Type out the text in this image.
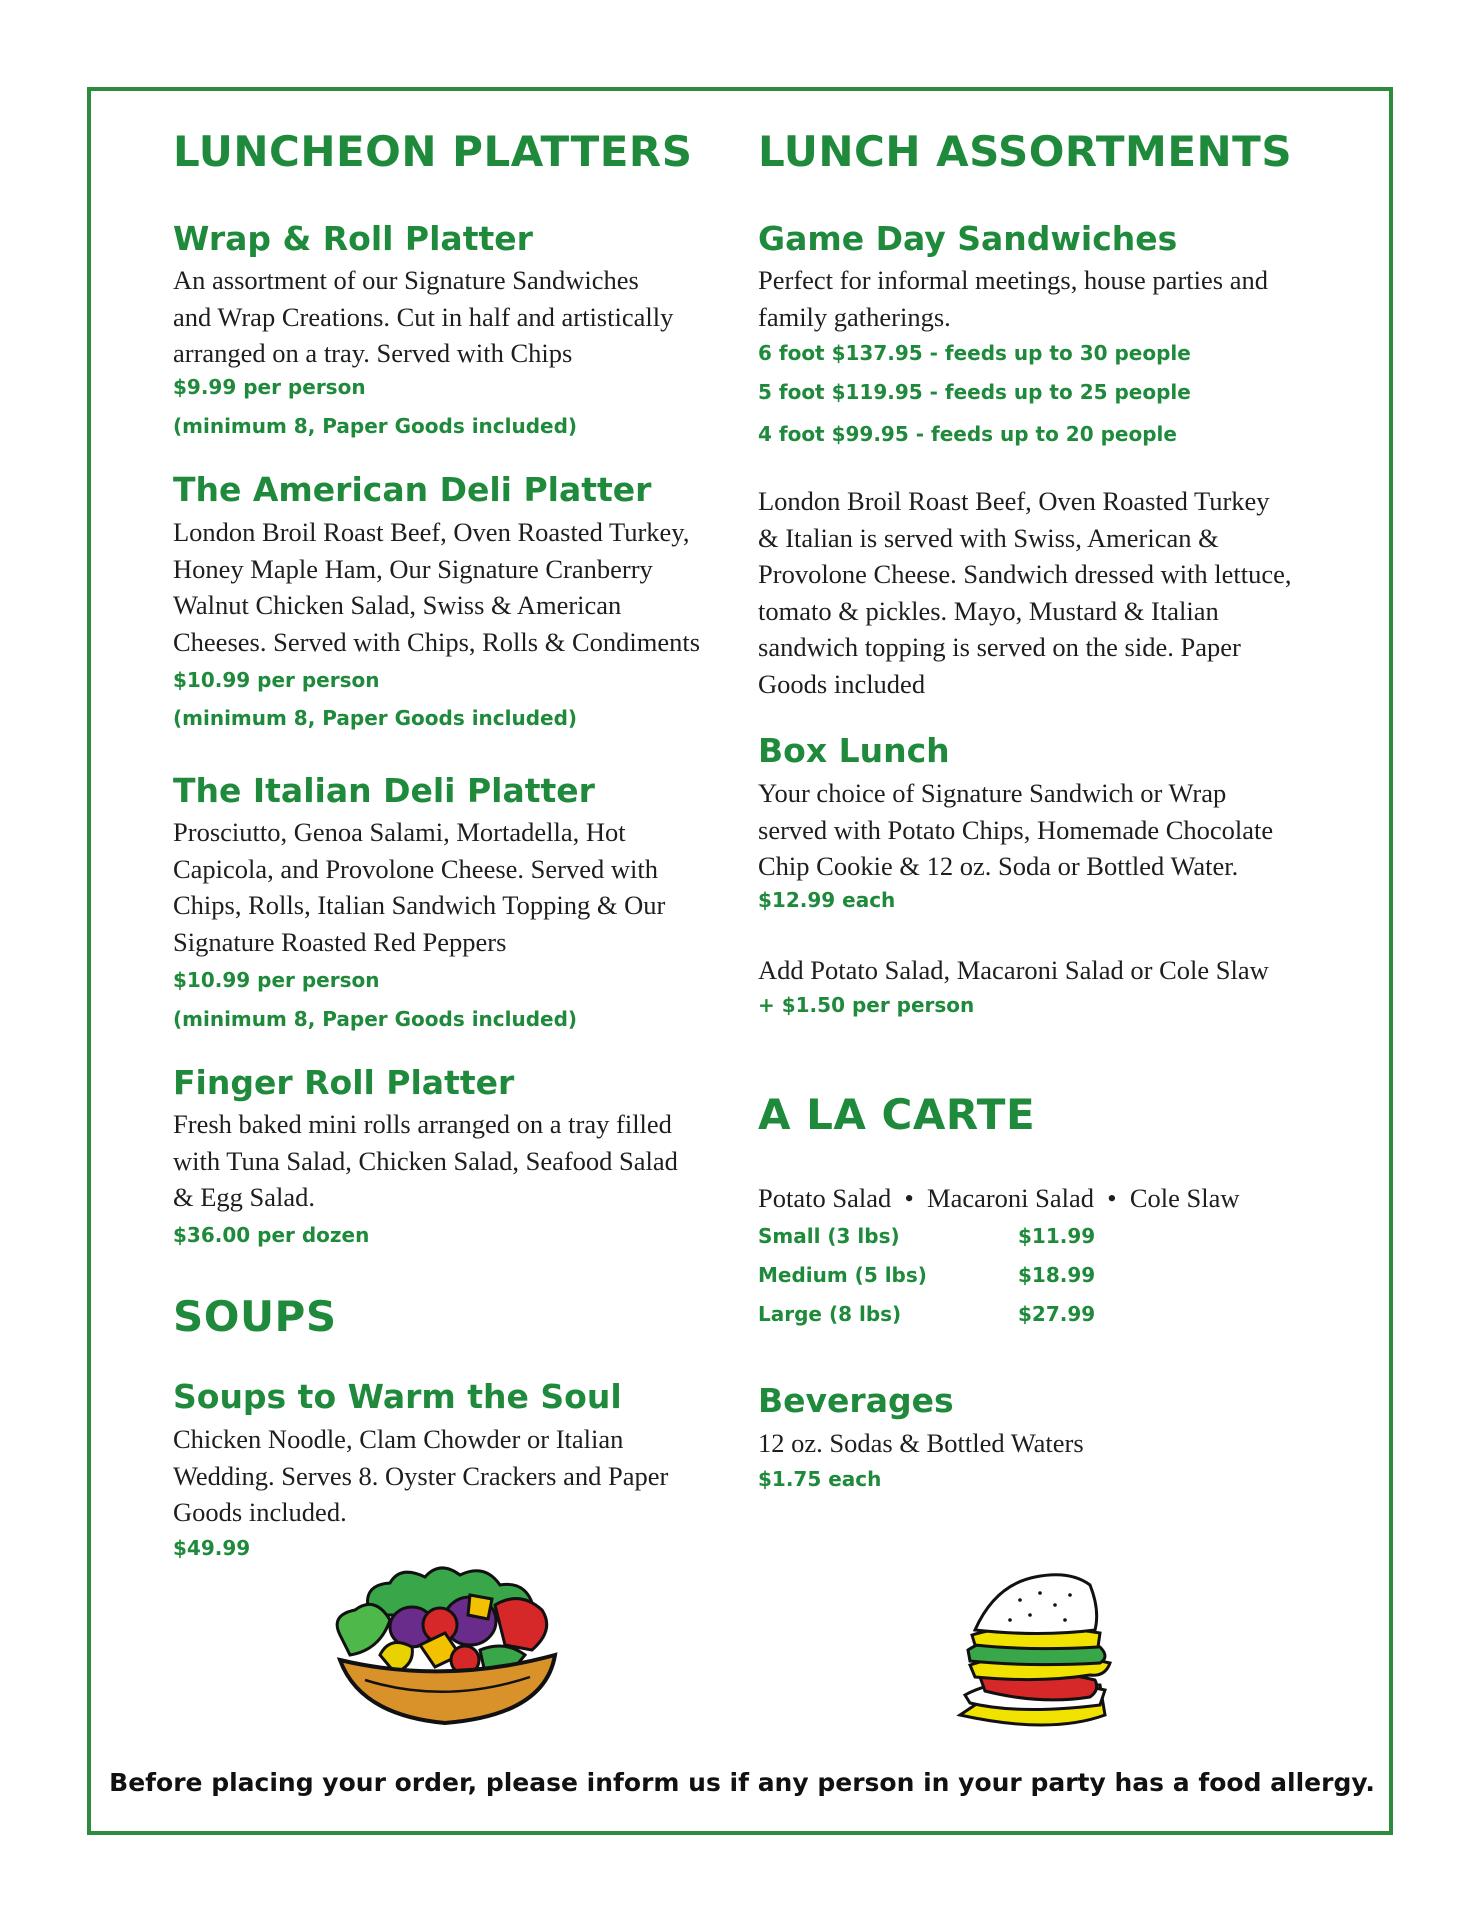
LUNCHEON PLATTERS
Wrap & Roll Platter

An assortment of our Signature Sandwiches

and Wrap Creations. Cut in half and artistically

arranged on a tray. Served with Chips

$9.99 per person

(minimum 8, Paper Goods included)

The American Deli Platter

London Broil Roast Beef, Oven Roasted Turkey,

Honey Maple Ham, Our Signature Cranberry

Walnut Chicken Salad, Swiss & American

Cheeses. Served with Chips, Rolls & Condiments

$10.99 per person

(minimum 8, Paper Goods included)

The Italian Deli Platter

Prosciutto, Genoa Salami, Mortadella, Hot

Capicola, and Provolone Cheese. Served with

Chips, Rolls, Italian Sandwich Topping & Our

Signature Roasted Red Peppers

$10.99 per person

(minimum 8, Paper Goods included)

Finger Roll Platter

Fresh baked mini rolls arranged on a tray filled

with Tuna Salad, Chicken Salad, Seafood Salad

& Egg Salad.

$36.00 per dozen

SOUPS
Soups to Warm the Soul

Chicken Noodle, Clam Chowder or Italian

Wedding. Serves 8. Oyster Crackers and Paper

Goods included.

$49.99

LUNCH ASSORTMENTS
Game Day Sandwiches

Perfect for informal meetings, house parties and

family gatherings.

6 foot $137.95 - feeds up to 30 people

5 foot $119.95 - feeds up to 25 people

4 foot $99.95 - feeds up to 20 people

London Broil Roast Beef, Oven Roasted Turkey

& Italian is served with Swiss, American &

Provolone Cheese. Sandwich dressed with lettuce,

tomato & pickles. Mayo, Mustard & Italian

sandwich topping is served on the side. Paper

Goods included

Box Lunch

Your choice of Signature Sandwich or Wrap

served with Potato Chips, Homemade Chocolate

Chip Cookie & 12 oz. Soda or Bottled Water.

$12.99 each

Add Potato Salad, Macaroni Salad or Cole Slaw

+ $1.50 per person

A LA CARTE

Potato Salad  •  Macaroni Salad  •  Cole Slaw

Small (3 lbs)	$11.99

Medium (5 lbs)	$18.99

Large (8 lbs)	$27.99

Beverages

12 oz. Sodas & Bottled Waters

$1.75 each

Before placing your order, please inform us if any person in your party has a food allergy.
